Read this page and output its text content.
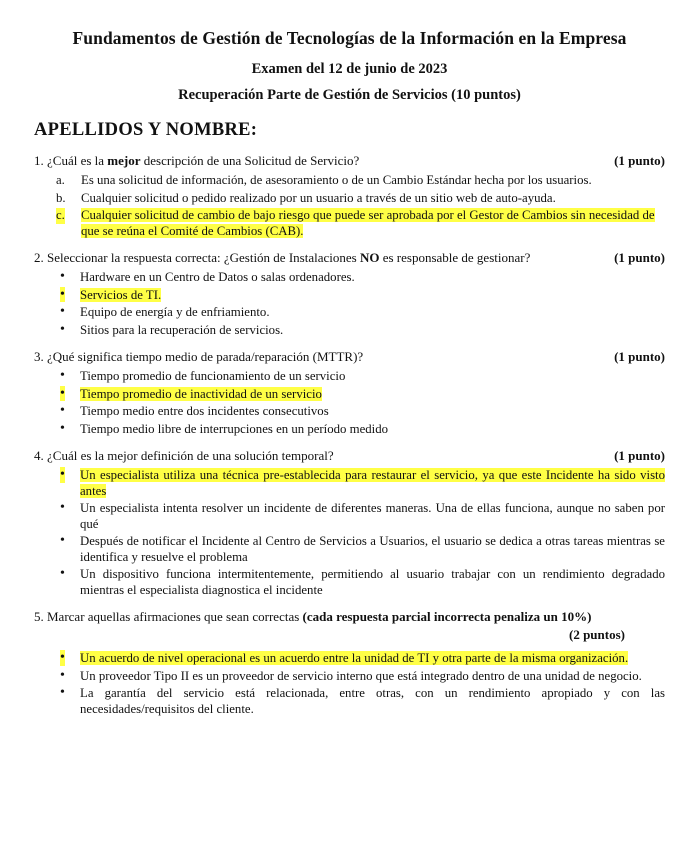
Fundamentos de Gestión de Tecnologías de la Información en la Empresa
Examen del 12 de junio de 2023
Recuperación Parte de Gestión de Servicios (10 puntos)
APELLIDOS Y NOMBRE:
1. ¿Cuál es la mejor descripción de una Solicitud de Servicio?	(1 punto)
a. Es una solicitud de información, de asesoramiento o de un Cambio Estándar hecha por los usuarios.
b. Cualquier solicitud o pedido realizado por un usuario a través de un sitio web de auto-ayuda.
c. Cualquier solicitud de cambio de bajo riesgo que puede ser aprobada por el Gestor de Cambios sin necesidad de que se reúna el Comité de Cambios (CAB).
2. Seleccionar la respuesta correcta: ¿Gestión de Instalaciones NO es responsable de gestionar?	(1 punto)
• Hardware en un Centro de Datos o salas ordenadores.
• Servicios de TI.
• Equipo de energía y de enfriamiento.
• Sitios para la recuperación de servicios.
3. ¿Qué significa tiempo medio de parada/reparación (MTTR)?	(1 punto)
• Tiempo promedio de funcionamiento de un servicio
• Tiempo promedio de inactividad de un servicio
• Tiempo medio entre dos incidentes consecutivos
• Tiempo medio libre de interrupciones en un período medido
4. ¿Cuál es la mejor definición de una solución temporal?	(1 punto)
• Un especialista utiliza una técnica pre-establecida para restaurar el servicio, ya que este Incidente ha sido visto antes
• Un especialista intenta resolver un incidente de diferentes maneras. Una de ellas funciona, aunque no saben por qué
• Después de notificar el Incidente al Centro de Servicios a Usuarios, el usuario se dedica a otras tareas mientras se identifica y resuelve el problema
• Un dispositivo funciona intermitentemente, permitiendo al usuario trabajar con un rendimiento degradado mientras el especialista diagnostica el incidente
5. Marcar aquellas afirmaciones que sean correctas (cada respuesta parcial incorrecta penaliza un 10%)
(2 puntos)
• Un acuerdo de nivel operacional es un acuerdo entre la unidad de TI y otra parte de la misma organización.
• Un proveedor Tipo II es un proveedor de servicio interno que está integrado dentro de una unidad de negocio.
• La garantía del servicio está relacionada, entre otras, con un rendimiento apropiado y con las necesidades/requisitos del cliente.
